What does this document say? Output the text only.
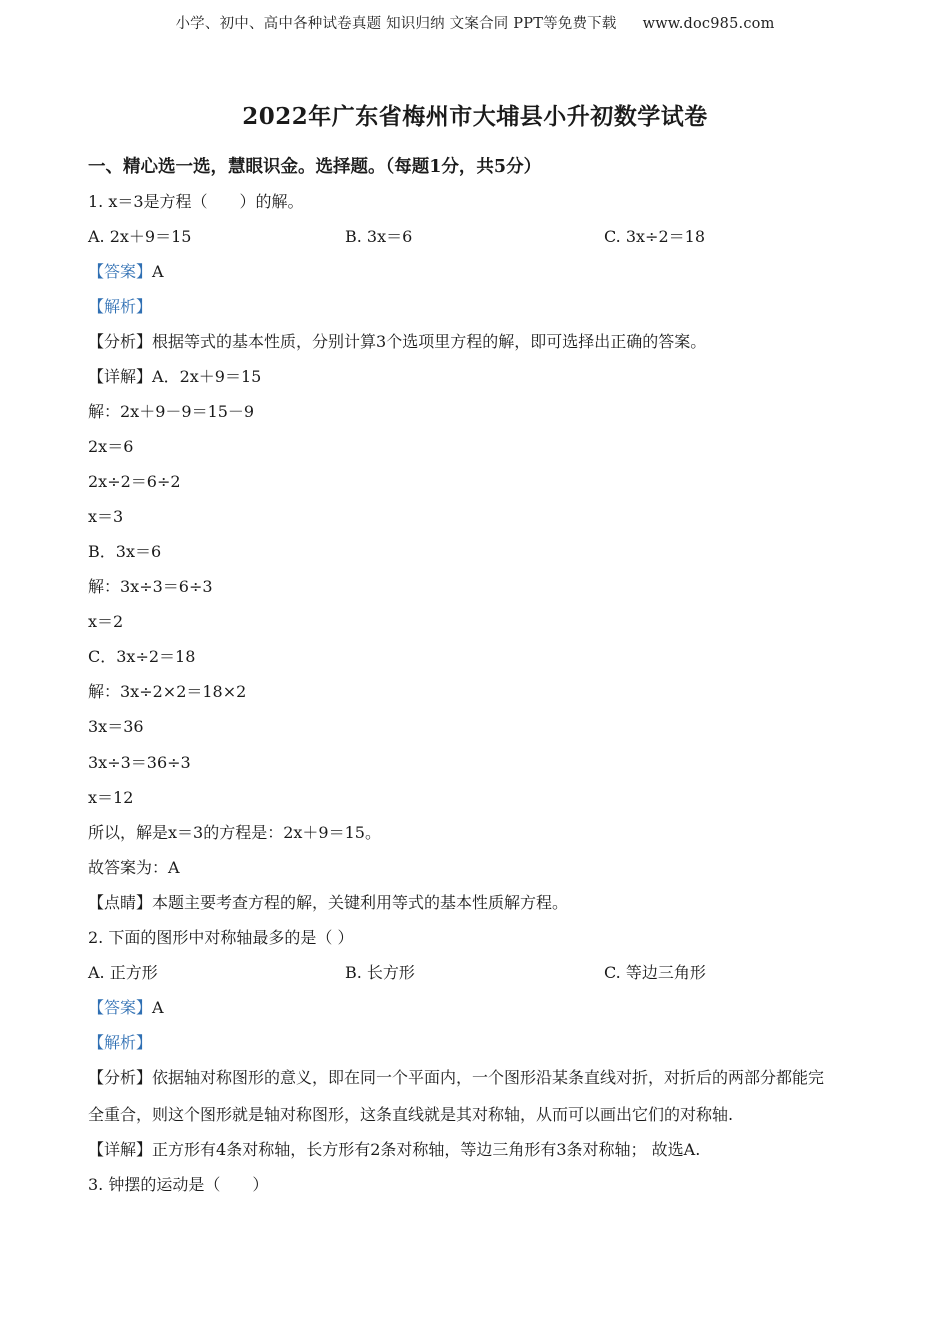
小学、初中、高中各种试卷真题 知识归纳 文案合同 PPT等免费下载 www.doc985.com
2022年广东省梅州市大埔县小升初数学试卷
一、精心选一选，慧眼识金。选择题。（每题1分，共5分）
1. x＝3是方程（　　）的解。
A. 2x＋9＝15	B. 3x＝6	C. 3x÷2＝18
【答案】A
【解析】
【分析】根据等式的基本性质，分别计算3个选项里方程的解，即可选择出正确的答案。
【详解】A．2x＋9＝15
解：2x＋9－9＝15－9
2x＝6
2x÷2＝6÷2
x＝3
B．3x＝6
解：3x÷3＝6÷3
x＝2
C．3x÷2＝18
解：3x÷2×2＝18×2
3x＝36
3x÷3＝36÷3
x＝12
所以，解是x＝3的方程是：2x＋9＝15。
故答案为：A
【点睛】本题主要考查方程的解，关键利用等式的基本性质解方程。
2. 下面的图形中对称轴最多的是（ ）
A. 正方形	B. 长方形	C. 等边三角形
【答案】A
【解析】
【分析】依据轴对称图形的意义，即在同一个平面内，一个图形沿某条直线对折，对折后的两部分都能完
全重合，则这个图形就是轴对称图形，这条直线就是其对称轴，从而可以画出它们的对称轴.
【详解】正方形有4条对称轴，长方形有2条对称轴，等边三角形有3条对称轴； 故选A.
3. 钟摆的运动是（　　）
